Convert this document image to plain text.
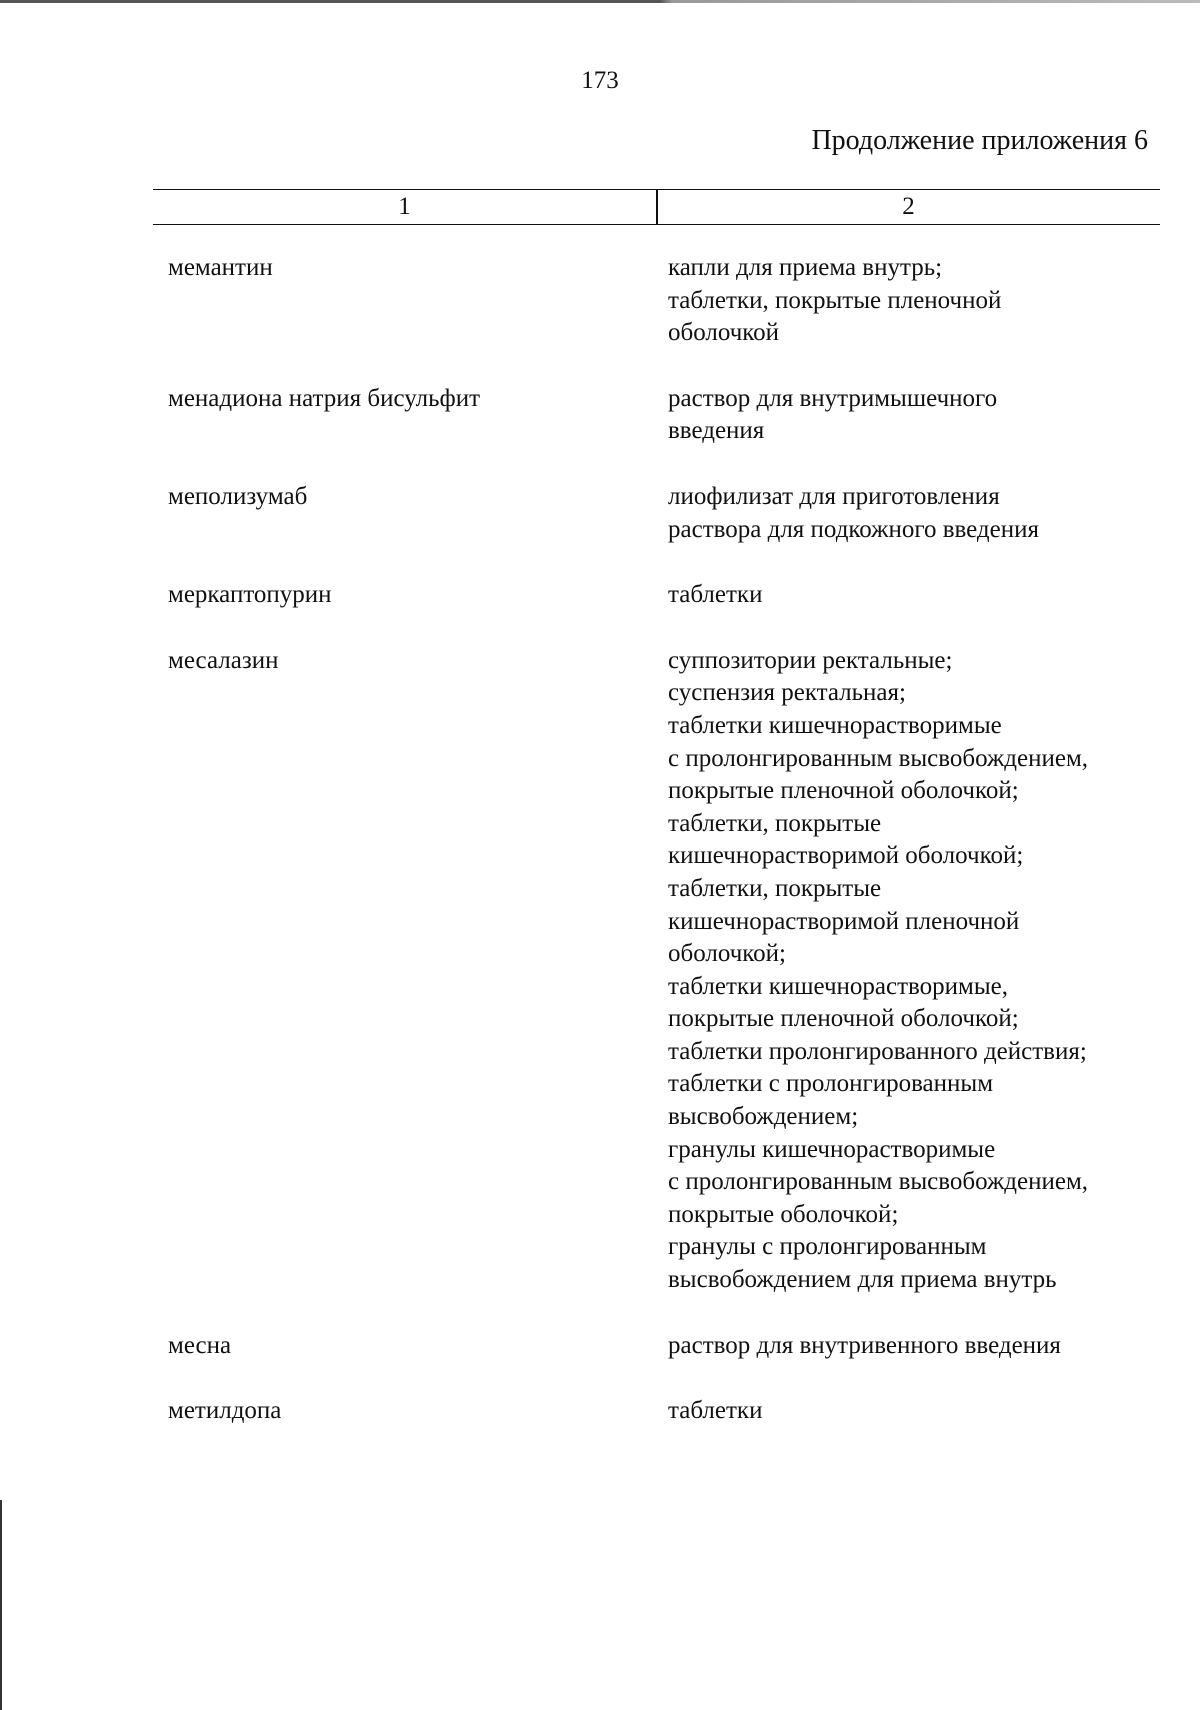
173
Продолжение приложения 6
1	2
мемантин	капли для приема внутрь;
таблетки, покрытые пленочной
оболочкой
менадиона натрия бисульфит	раствор для внутримышечного
введения
меполизумаб	лиофилизат для приготовления
раствора для подкожного введения
меркаптопурин	таблетки
месалазин	суппозитории ректальные;
суспензия ректальная;
таблетки кишечнорастворимые
с пролонгированным высвобождением,
покрытые пленочной оболочкой;
таблетки, покрытые
кишечнорастворимой оболочкой;
таблетки, покрытые
кишечнорастворимой пленочной
оболочкой;
таблетки кишечнорастворимые,
покрытые пленочной оболочкой;
таблетки пролонгированного действия;
таблетки с пролонгированным
высвобождением;
гранулы кишечнорастворимые
с пролонгированным высвобождением,
покрытые оболочкой;
гранулы с пролонгированным
высвобождением для приема внутрь
месна	раствор для внутривенного введения
метилдопа	таблетки
